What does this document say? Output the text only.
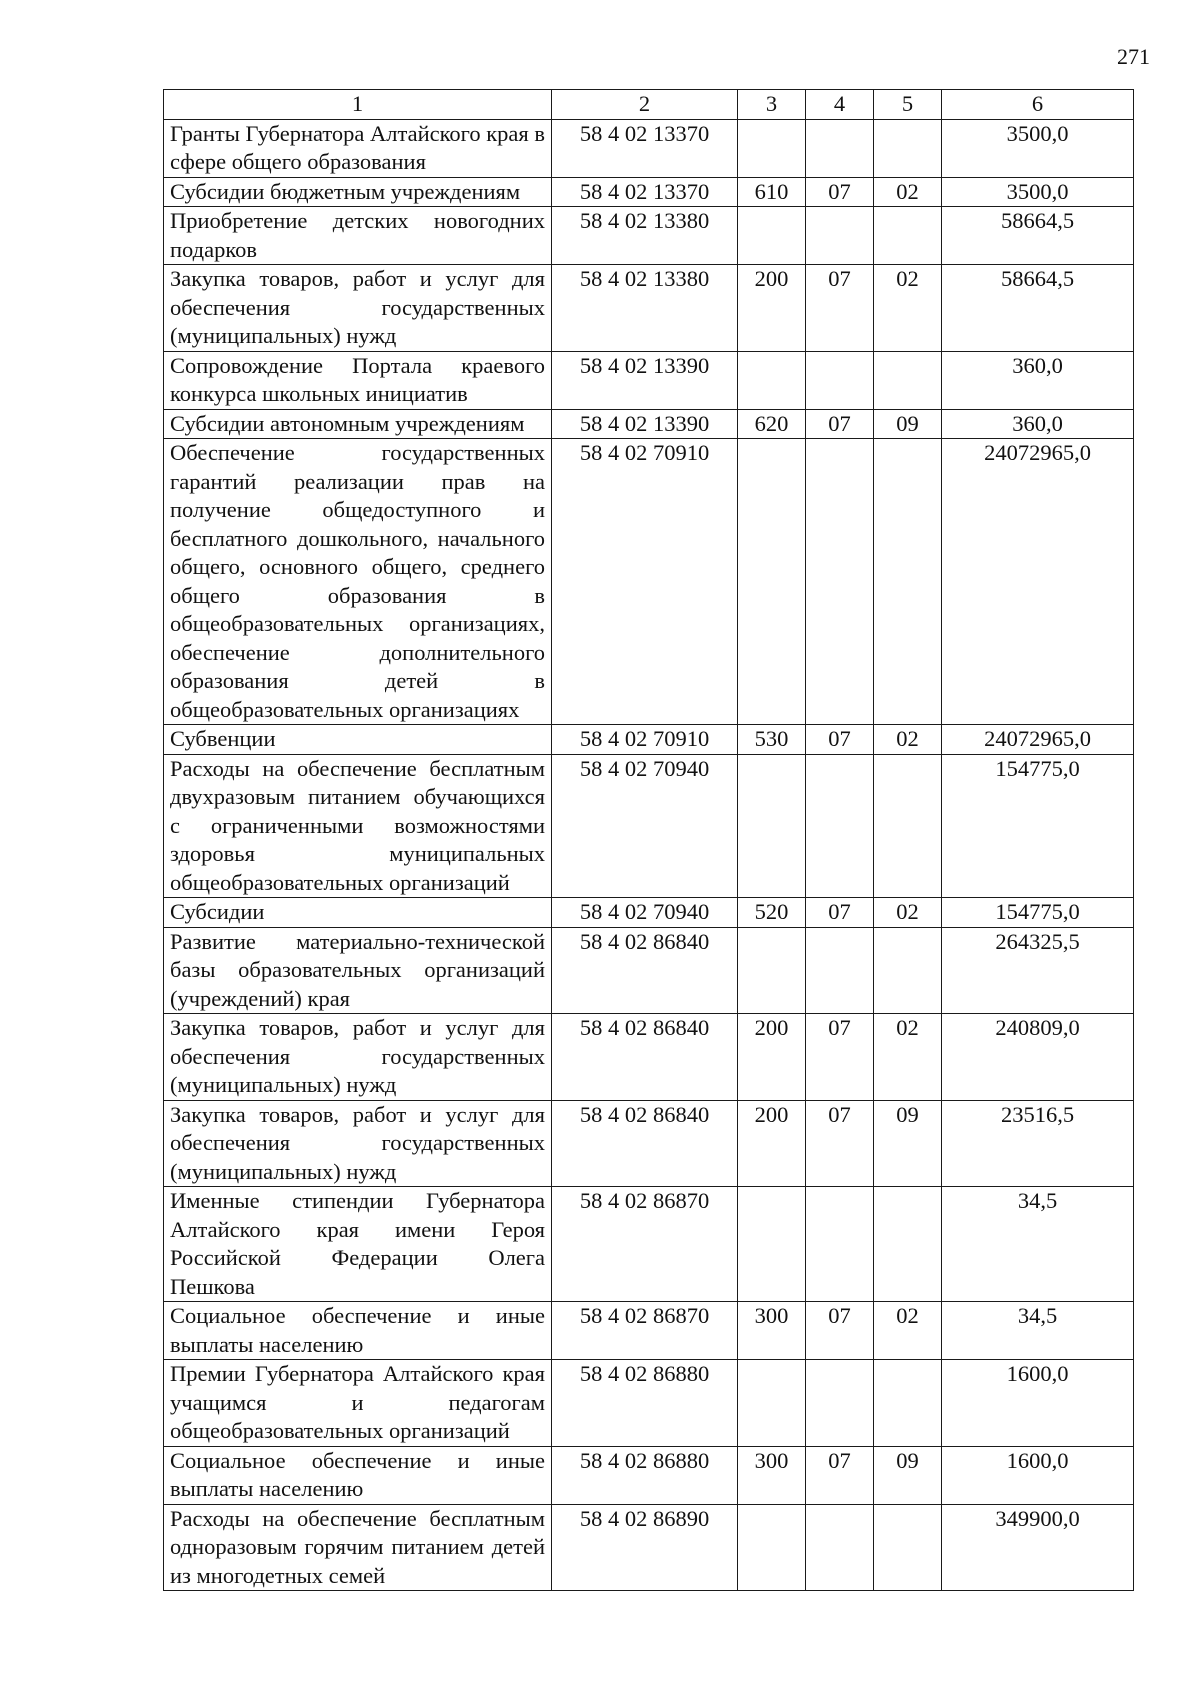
271
1	2	3	4	5	6
Гранты Губернатора Алтайского края в сфере общего образования	58 4 02 13370				3500,0
Субсидии бюджетным учреждениям	58 4 02 13370	610	07	02	3500,0
Приобретение детских новогодних подарков	58 4 02 13380				58664,5
Закупка товаров, работ и услуг для обеспечения государственных (муниципальных) нужд	58 4 02 13380	200	07	02	58664,5
Сопровождение Портала краевого конкурса школьных инициатив	58 4 02 13390				360,0
Субсидии автономным учреждениям	58 4 02 13390	620	07	09	360,0
Обеспечение государственных гарантий реализации прав на получение общедоступного и бесплатного дошкольного, начального общего, основного общего, среднего общего образования в общеобразовательных организациях, обеспечение дополнительного образования детей в общеобразовательных организациях	58 4 02 70910				24072965,0
Субвенции	58 4 02 70910	530	07	02	24072965,0
Расходы на обеспечение бесплатным двухразовым питанием обучающихся с ограниченными возможностями здоровья муниципальных общеобразовательных организаций	58 4 02 70940				154775,0
Субсидии	58 4 02 70940	520	07	02	154775,0
Развитие материально-технической базы образовательных организаций (учреждений) края	58 4 02 86840				264325,5
Закупка товаров, работ и услуг для обеспечения государственных (муниципальных) нужд	58 4 02 86840	200	07	02	240809,0
Закупка товаров, работ и услуг для обеспечения государственных (муниципальных) нужд	58 4 02 86840	200	07	09	23516,5
Именные стипендии Губернатора Алтайского края имени Героя Российской Федерации Олега Пешкова	58 4 02 86870				34,5
Социальное обеспечение и иные выплаты населению	58 4 02 86870	300	07	02	34,5
Премии Губернатора Алтайского края учащимся и педагогам общеобразовательных организаций	58 4 02 86880				1600,0
Социальное обеспечение и иные выплаты населению	58 4 02 86880	300	07	09	1600,0
Расходы на обеспечение бесплатным одноразовым горячим питанием детей из многодетных семей	58 4 02 86890				349900,0
